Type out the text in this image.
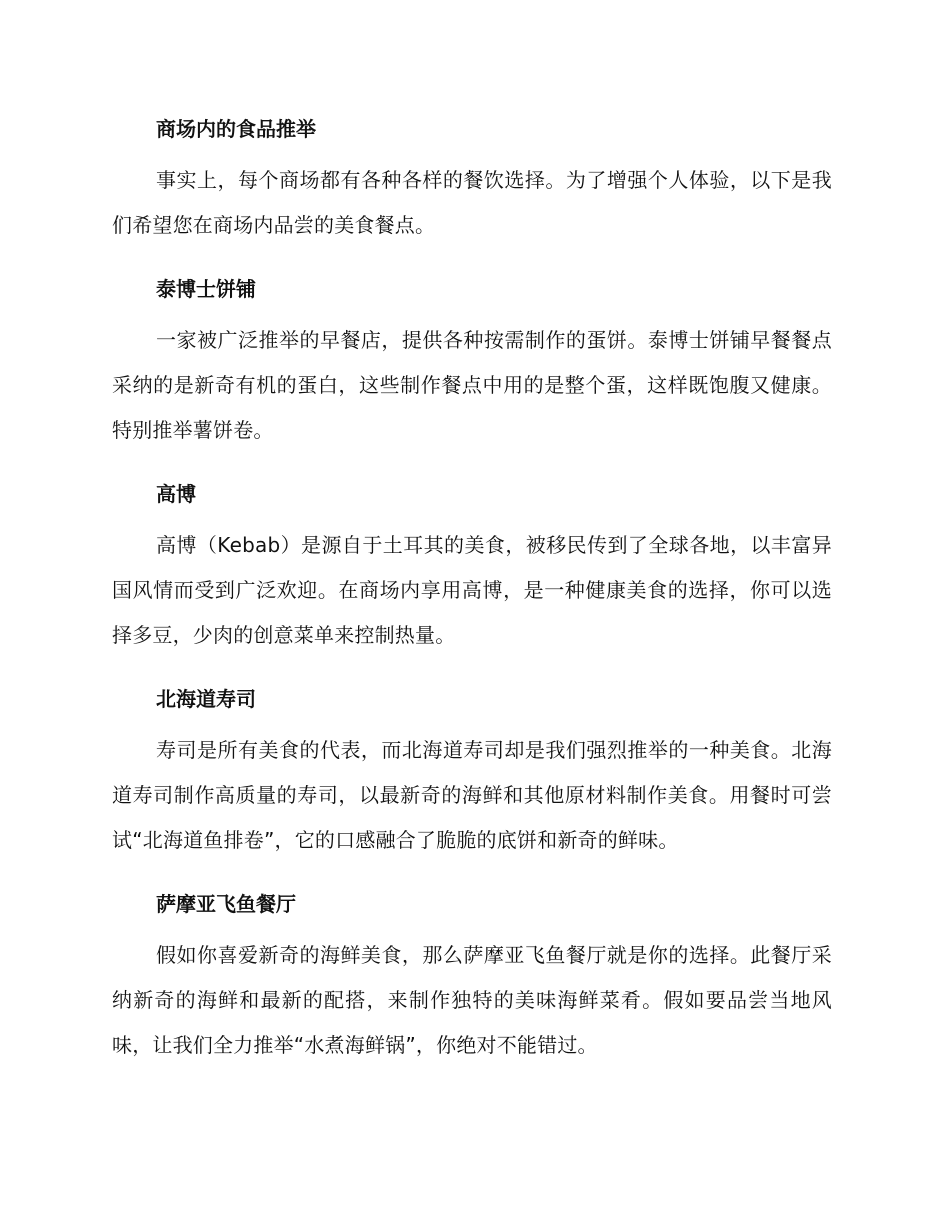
商场内的食品推举

事实上，每个商场都有各种各样的餐饮选择。为了增强个人体验，以下是我们希望您在商场内品尝的美食餐点。

泰博士饼铺

一家被广泛推举的早餐店，提供各种按需制作的蛋饼。泰博士饼铺早餐餐点采纳的是新奇有机的蛋白，这些制作餐点中用的是整个蛋，这样既饱腹又健康。特别推举薯饼卷。

高博

高博（Kebab）是源自于土耳其的美食，被移民传到了全球各地，以丰富异国风情而受到广泛欢迎。在商场内享用高博，是一种健康美食的选择，你可以选择多豆，少肉的创意菜单来控制热量。

北海道寿司

寿司是所有美食的代表，而北海道寿司却是我们强烈推举的一种美食。北海道寿司制作高质量的寿司，以最新奇的海鲜和其他原材料制作美食。用餐时可尝试“北海道鱼排卷”，它的口感融合了脆脆的底饼和新奇的鲜味。

萨摩亚飞鱼餐厅

假如你喜爱新奇的海鲜美食，那么萨摩亚飞鱼餐厅就是你的选择。此餐厅采纳新奇的海鲜和最新的配搭，来制作独特的美味海鲜菜肴。假如要品尝当地风味，让我们全力推举“水煮海鲜锅”，你绝对不能错过。
